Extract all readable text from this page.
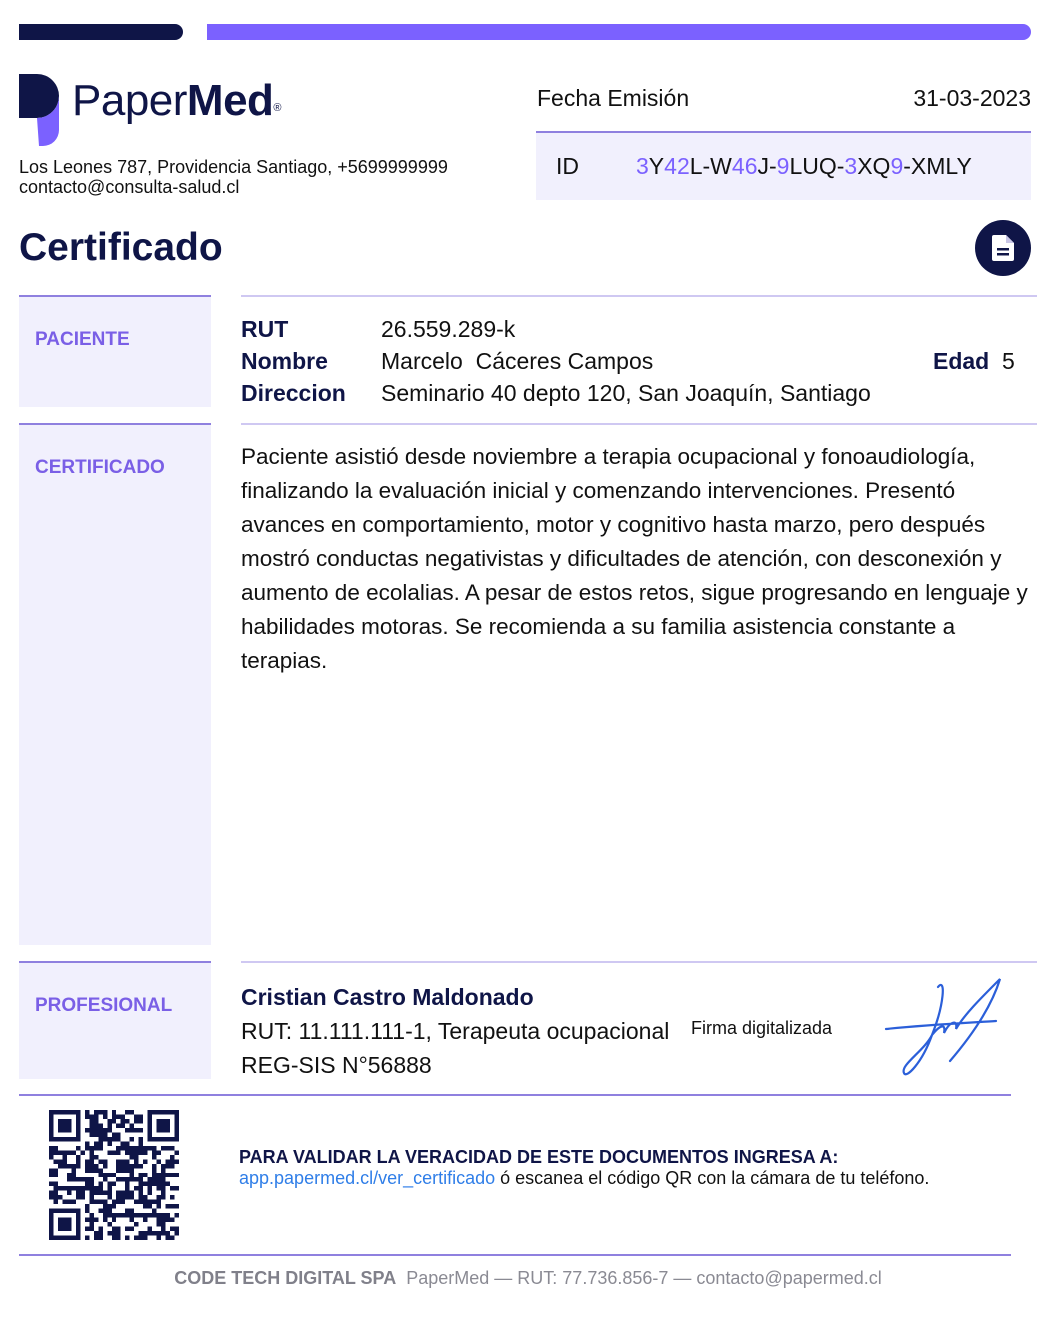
PaperMed®
Los Leones 787, Providencia Santiago, +5699999999
contacto@consulta-salud.cl
Fecha Emisión	31-03-2023
ID	3Y42L-W46J-9LUQ-3XQ9-XMLY
Certificado
PACIENTE	RUT	26.559.289-k
Nombre	Marcelo  Cáceres Campos	Edad 5
Direccion	Seminario 40 depto 120, San Joaquín, Santiago
CERTIFICADO	Paciente asistió desde noviembre a terapia ocupacional y fonoaudiología, finalizando la evaluación inicial y comenzando intervenciones. Presentó avances en comportamiento, motor y cognitivo hasta marzo, pero después mostró conductas negativistas y dificultades de atención, con desconexión y aumento de ecolalias. A pesar de estos retos, sigue progresando en lenguaje y habilidades motoras. Se recomienda a su familia asistencia constante a terapias.
PROFESIONAL	Cristian Castro Maldonado
RUT: 11.111.111-1, Terapeuta ocupacional
REG-SIS N°56888
Firma digitalizada
PARA VALIDAR LA VERACIDAD DE ESTE DOCUMENTOS INGRESA A:
app.papermed.cl/ver_certificado ó escanea el código QR con la cámara de tu teléfono.
CODE TECH DIGITAL SPA PaperMed — RUT: 77.736.856-7 — contacto@papermed.cl
